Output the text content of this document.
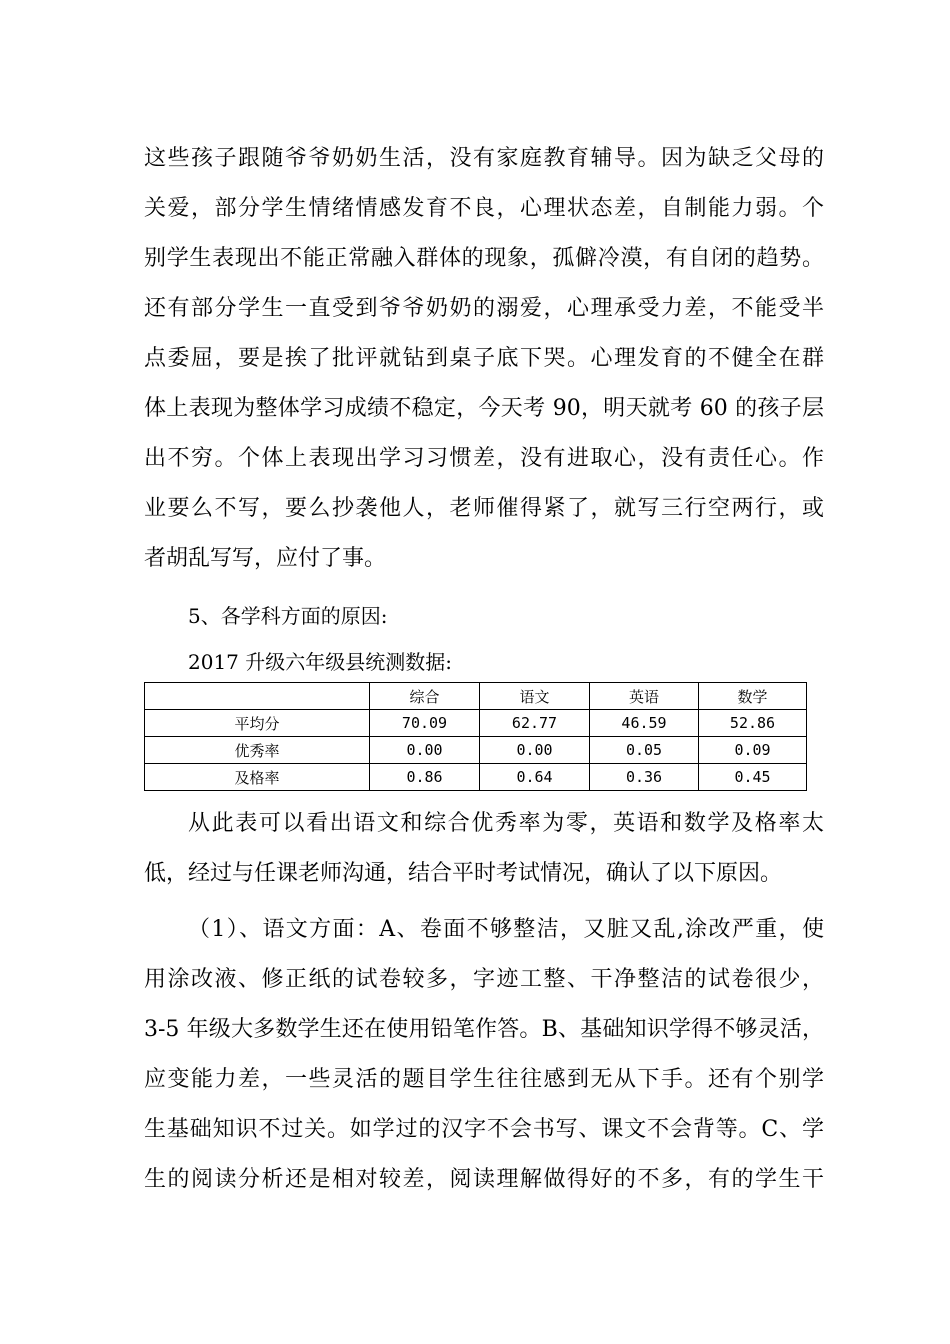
这些孩子跟随爷爷奶奶生活，没有家庭教育辅导。因为缺乏父母的
关爱，部分学生情绪情感发育不良，心理状态差，自制能力弱。个
别学生表现出不能正常融入群体的现象，孤僻冷漠，有自闭的趋势。
还有部分学生一直受到爷爷奶奶的溺爱，心理承受力差，不能受半
点委屈，要是挨了批评就钻到桌子底下哭。心理发育的不健全在群
体上表现为整体学习成绩不稳定，今天考 90，明天就考 60 的孩子层
出不穷。个体上表现出学习习惯差，没有进取心，没有责任心。作
业要么不写，要么抄袭他人，老师催得紧了，就写三行空两行，或
者胡乱写写，应付了事。
5、各学科方面的原因:
2017 升级六年级县统测数据:
	综合	语文	英语	数学
平均分	70.09	62.77	46.59	52.86
优秀率	0.00	0.00	0.05	0.09
及格率	0.86	0.64	0.36	0.45
从此表可以看出语文和综合优秀率为零，英语和数学及格率太
低，经过与任课老师沟通，结合平时考试情况，确认了以下原因。
（1）、语文方面：A、卷面不够整洁，又脏又乱,涂改严重，使
用涂改液、修正纸的试卷较多，字迹工整、干净整洁的试卷很少，
3-5 年级大多数学生还在使用铅笔作答。B、基础知识学得不够灵活，
应变能力差，一些灵活的题目学生往往感到无从下手。还有个别学
生基础知识不过关。如学过的汉字不会书写、课文不会背等。C、学
生的阅读分析还是相对较差，阅读理解做得好的不多，有的学生干
